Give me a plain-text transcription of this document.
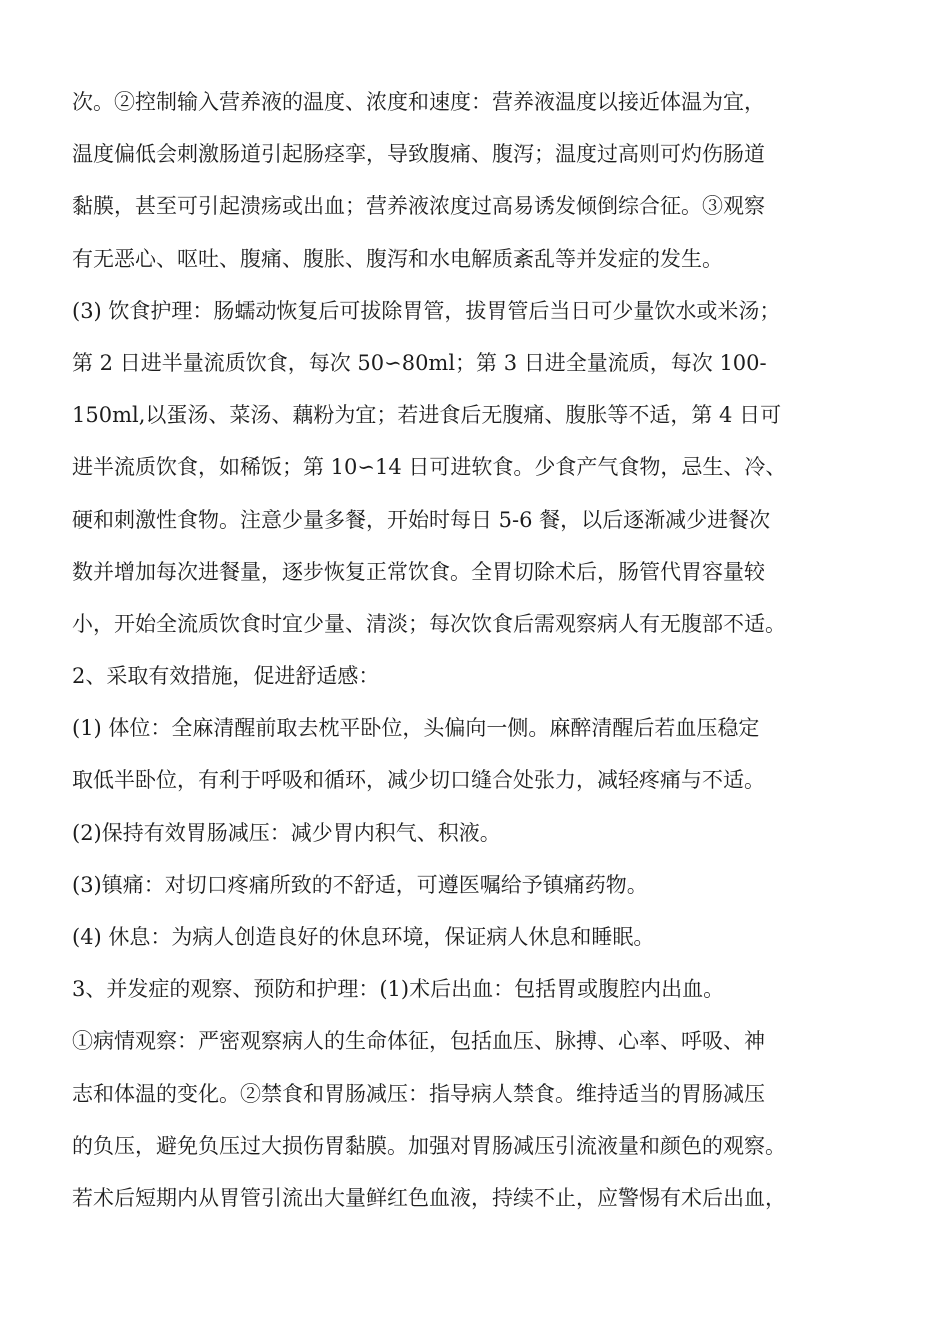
次。②控制输入营养液的温度、浓度和速度：营养液温度以接近体温为宜，
温度偏低会刺激肠道引起肠痉挛，导致腹痛、腹泻；温度过高则可灼伤肠道
黏膜，甚至可引起溃疡或出血；营养液浓度过高易诱发倾倒综合征。③观察
有无恶心、呕吐、腹痛、腹胀、腹泻和水电解质紊乱等并发症的发生。
(3) 饮食护理：肠蠕动恢复后可拔除胃管，拔胃管后当日可少量饮水或米汤；
第 2 日进半量流质饮食，每次 50∽80ml；第 3 日进全量流质，每次 100-
150ml,以蛋汤、菜汤、藕粉为宜；若进食后无腹痛、腹胀等不适，第 4 日可
进半流质饮食，如稀饭；第 10∽14 日可进软食。少食产气食物，忌生、冷、
硬和刺激性食物。注意少量多餐，开始时每日 5-6 餐，以后逐渐减少进餐次
数并增加每次进餐量，逐步恢复正常饮食。全胃切除术后，肠管代胃容量较
小，开始全流质饮食时宜少量、清淡；每次饮食后需观察病人有无腹部不适。
2、采取有效措施，促进舒适感：
(1) 体位：全麻清醒前取去枕平卧位，头偏向一侧。麻醉清醒后若血压稳定
取低半卧位，有利于呼吸和循环，减少切口缝合处张力，减轻疼痛与不适。
(2)保持有效胃肠减压：减少胃内积气、积液。
(3)镇痛：对切口疼痛所致的不舒适，可遵医嘱给予镇痛药物。
(4) 休息：为病人创造良好的休息环境，保证病人休息和睡眠。
3、并发症的观察、预防和护理：(1)术后出血：包括胃或腹腔内出血。
①病情观察：严密观察病人的生命体征，包括血压、脉搏、心率、呼吸、神
志和体温的变化。②禁食和胃肠减压：指导病人禁食。维持适当的胃肠减压
的负压，避免负压过大损伤胃黏膜。加强对胃肠减压引流液量和颜色的观察。
若术后短期内从胃管引流出大量鲜红色血液，持续不止，应警惕有术后出血，
